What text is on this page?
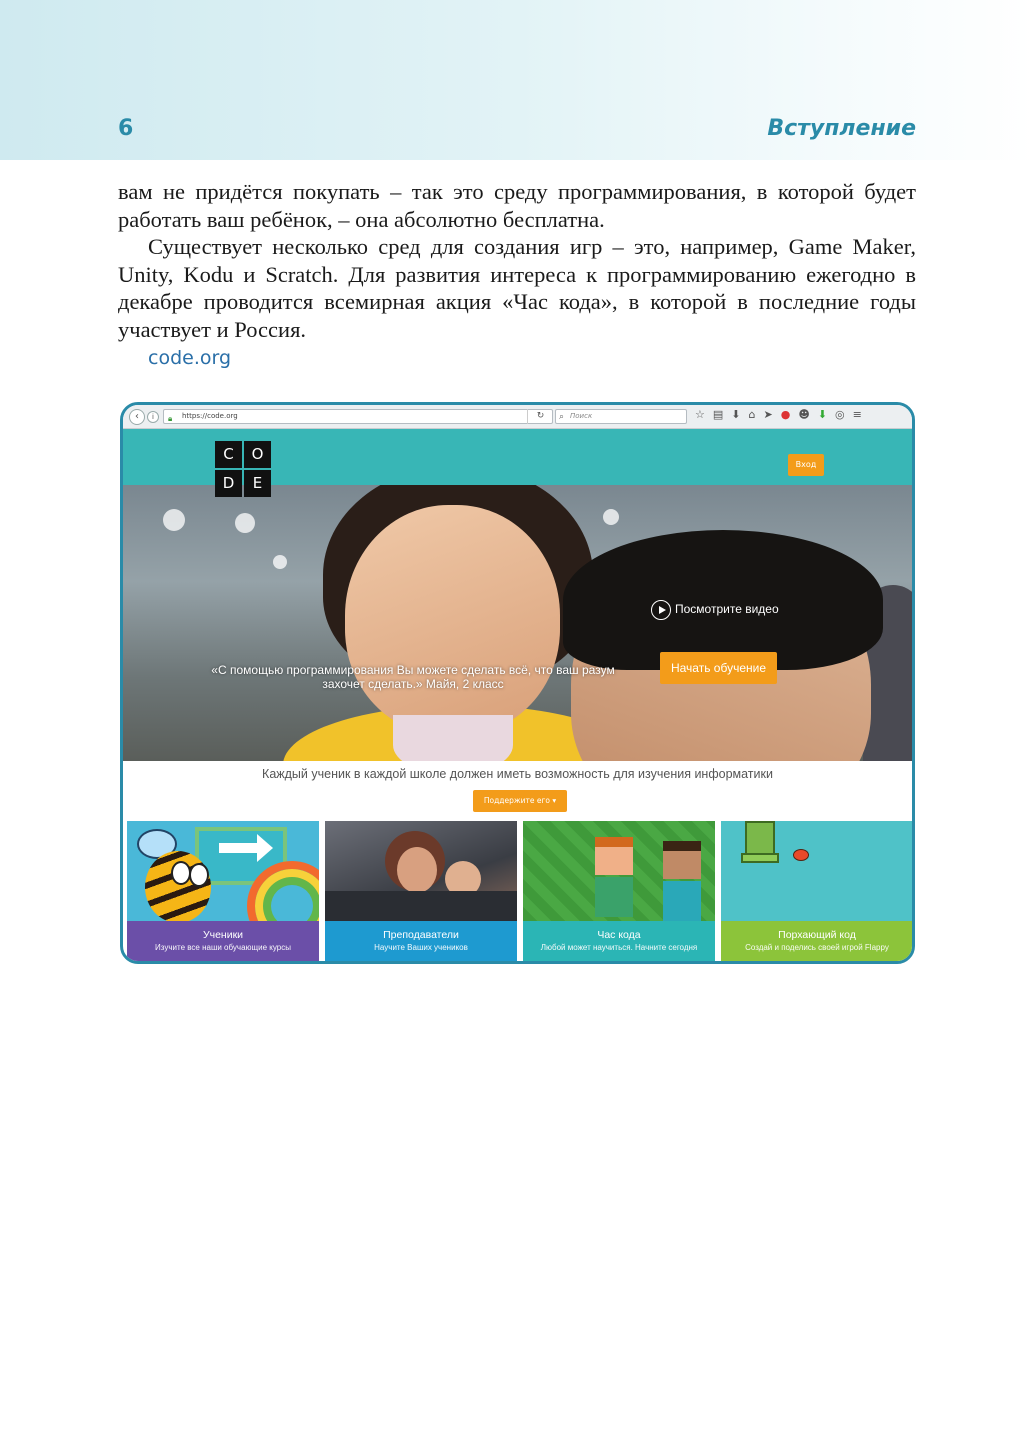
6	Вступление

вам не придётся покупать – так это среду программирования, в которой будет работать ваш ребёнок, – она абсолютно бесплатна.

Существует несколько сред для создания игр – это, например, Game Maker, Unity, Kodu и Scratch. Для развития интереса к программированию ежегодно в декабре проводится всемирная акция «Час кода», в которой в последние годы участвует и Россия.

code.org
‹	i	🔒︎ https://code.org	↻	⌕ Поиск	☆▤⬇⌂➤●☻⬇◎≡
Вход
C	O
D	E
Посмотрите видео
Начать обучение
«С помощью программирования Вы можете сделать всё, что ваш разум захочет сделать.» Майя, 2 класс
Каждый ученик в каждой школе должен иметь возможность для изучения информатики
Поддержите его ▾
Ученики
Изучите все наши обучающие курсы
Преподаватели
Научите Ваших учеников
Час кода
Любой может научиться. Начните сегодня
Порхающий код
Создай и поделись своей игрой Flappy
